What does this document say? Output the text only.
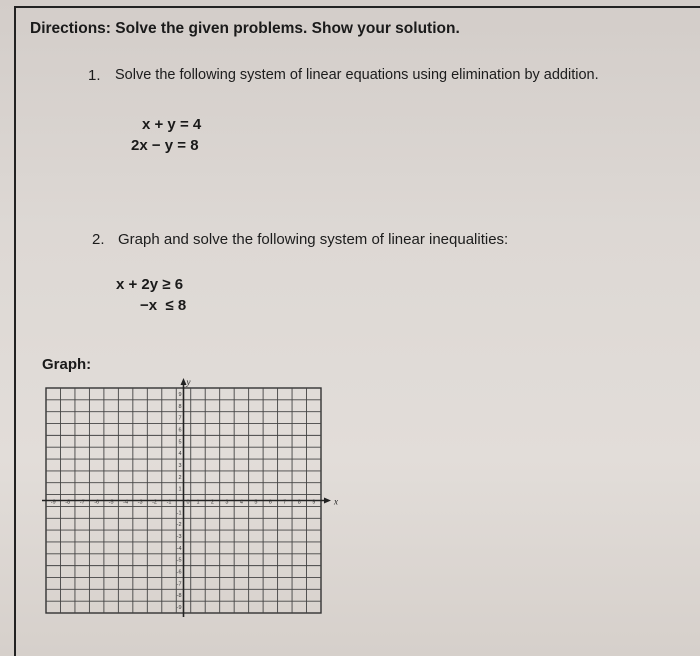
Directions: Solve the given problems. Show your solution.
1. Solve the following system of linear equations using elimination by addition.
x + y = 4
2x − y = 8
2. Graph and solve the following system of linear inequalities:
x + 2y ≥ 6
−x  ≤ 8
Graph:
x
y
-9 -8 -7 -6 -5 -4 -3 -2 -1	1 2 3 4 5 6 7 8 9
-9
-8
-7
-6
-5
-4
-3
-2
-1
1
2
3
4
5
6
7
8
9
0
